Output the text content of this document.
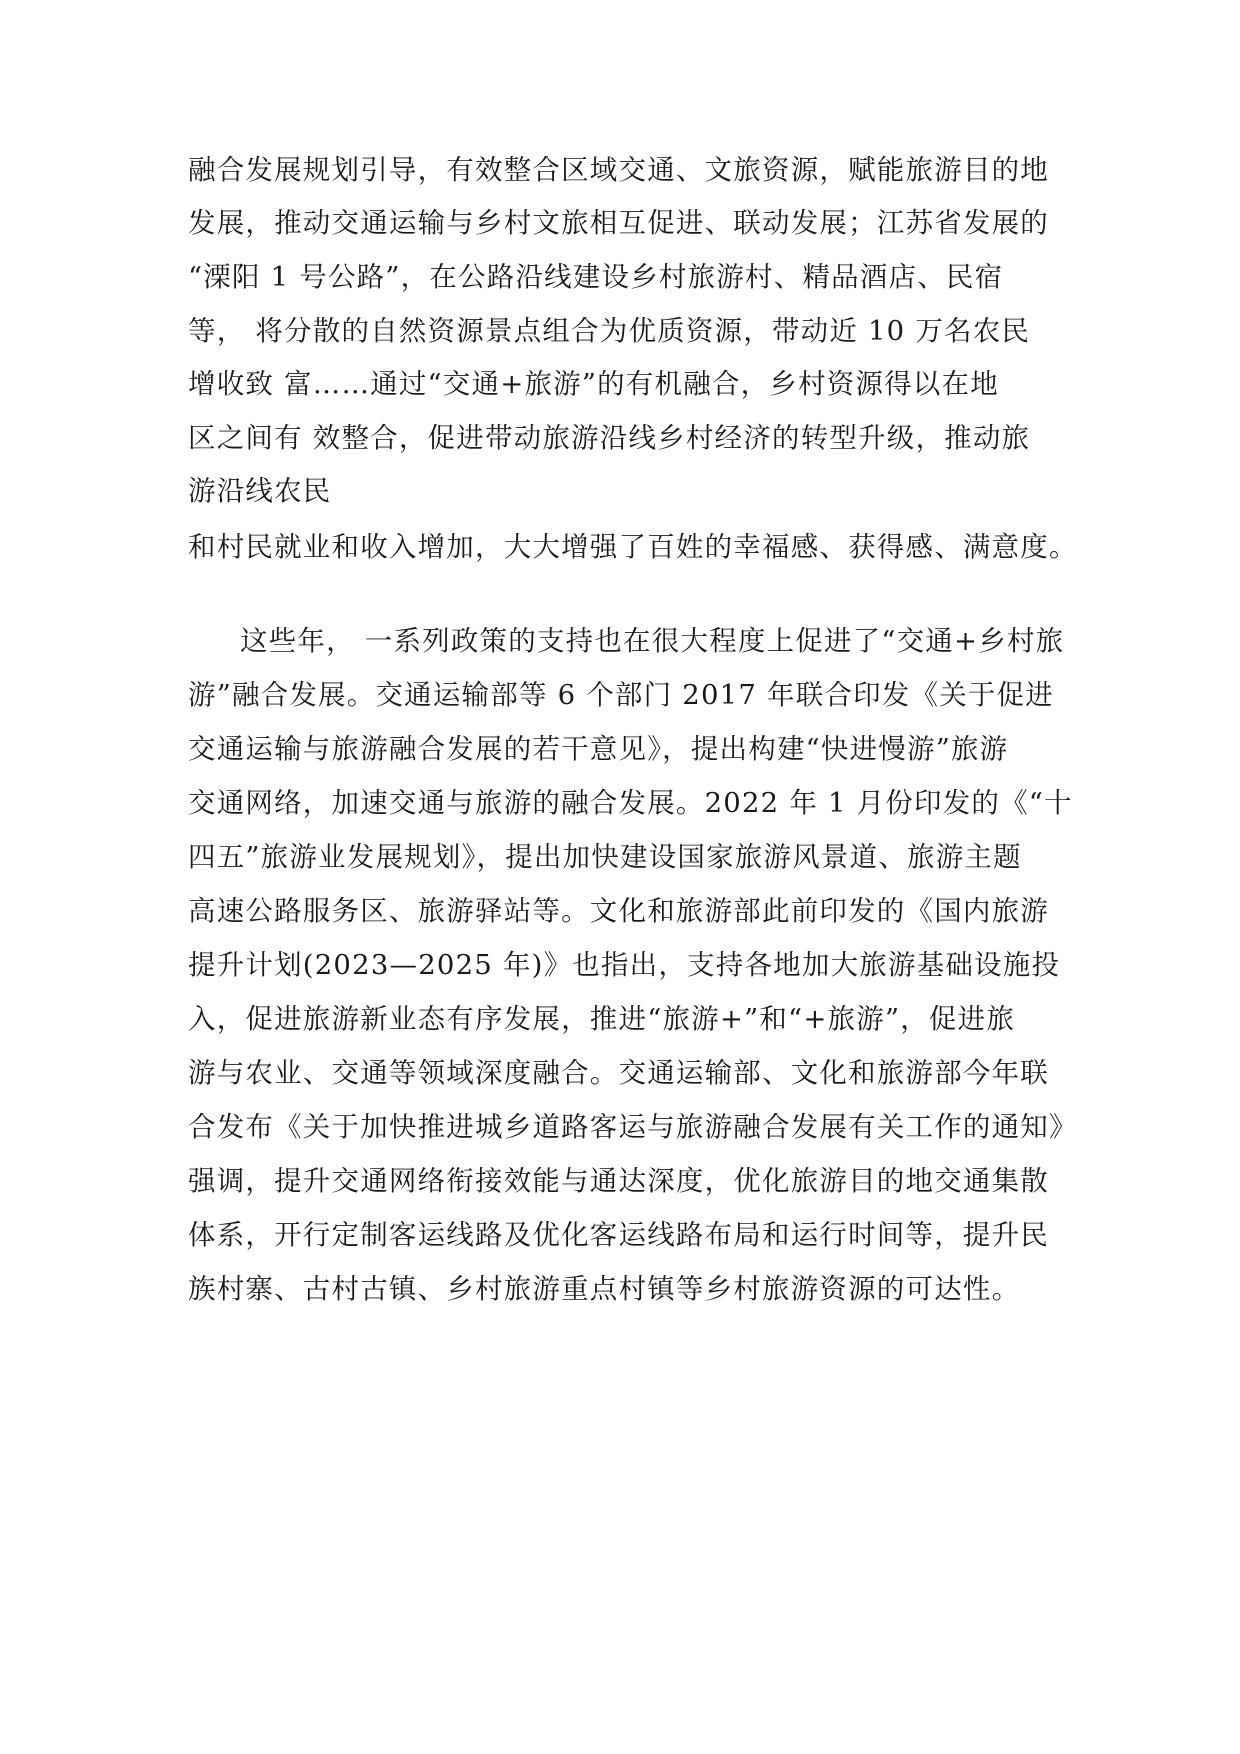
融合发展规划引导，有效整合区域交通、文旅资源，赋能旅游目的地
发展，推动交通运输与乡村文旅相互促进、联动发展；江苏省发展的
“溧阳 1 号公路”，在公路沿线建设乡村旅游村、精品酒店、民宿
等， 将分散的自然资源景点组合为优质资源，带动近 10 万名农民
增收致 富……通过“交通+旅游”的有机融合，乡村资源得以在地
区之间有 效整合，促进带动旅游沿线乡村经济的转型升级，推动旅
游沿线农民
和村民就业和收入增加，大大增强了百姓的幸福感、获得感、满意度。
这些年， 一系列政策的支持也在很大程度上促进了“交通+乡村旅
游”融合发展。交通运输部等 6 个部门 2017 年联合印发《关于促进
交通运输与旅游融合发展的若干意见》，提出构建“快进慢游”旅游
交通网络，加速交通与旅游的融合发展。2022 年 1 月份印发的《“十
四五”旅游业发展规划》，提出加快建设国家旅游风景道、旅游主题
高速公路服务区、旅游驿站等。文化和旅游部此前印发的《国内旅游
提升计划(2023—2025 年)》也指出，支持各地加大旅游基础设施投
入，促进旅游新业态有序发展，推进“旅游+”和“+旅游”，促进旅
游与农业、交通等领域深度融合。交通运输部、文化和旅游部今年联
合发布《关于加快推进城乡道路客运与旅游融合发展有关工作的通知》
强调，提升交通网络衔接效能与通达深度，优化旅游目的地交通集散
体系，开行定制客运线路及优化客运线路布局和运行时间等，提升民
族村寨、古村古镇、乡村旅游重点村镇等乡村旅游资源的可达性。
